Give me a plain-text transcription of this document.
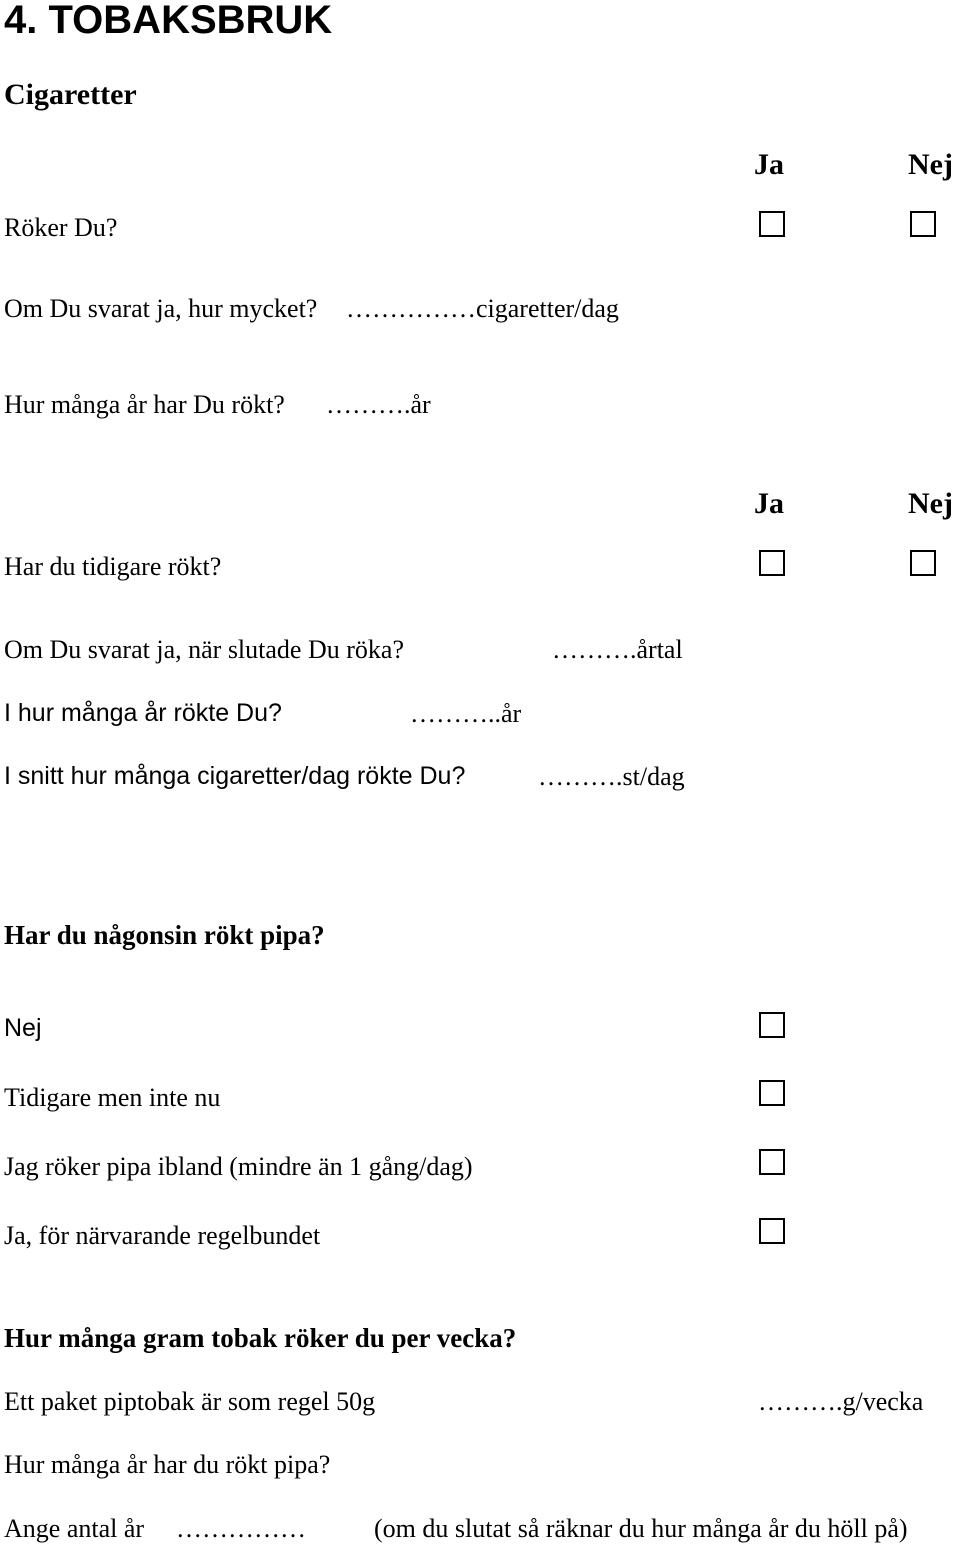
4. TOBAKSBRUK
Cigaretter
Ja	Nej
Röker Du?
Om Du svarat ja, hur mycket? ……………cigaretter/dag
Hur många år har Du rökt? ……….år
Ja	Nej
Har du tidigare rökt?
Om Du svarat ja, när slutade Du röka?	……….årtal
I hur många år rökte Du?	………..år
I snitt hur många cigaretter/dag rökte Du?	……….st/dag
Har du någonsin rökt pipa?
Nej
Tidigare men inte nu
Jag röker pipa ibland (mindre än 1 gång/dag)
Ja, för närvarande regelbundet
Hur många gram tobak röker du per vecka?
Ett paket piptobak är som regel 50g	……….g/vecka
Hur många år har du rökt pipa?
Ange antal år ……………	(om du slutat så räknar du hur många år du höll på)
